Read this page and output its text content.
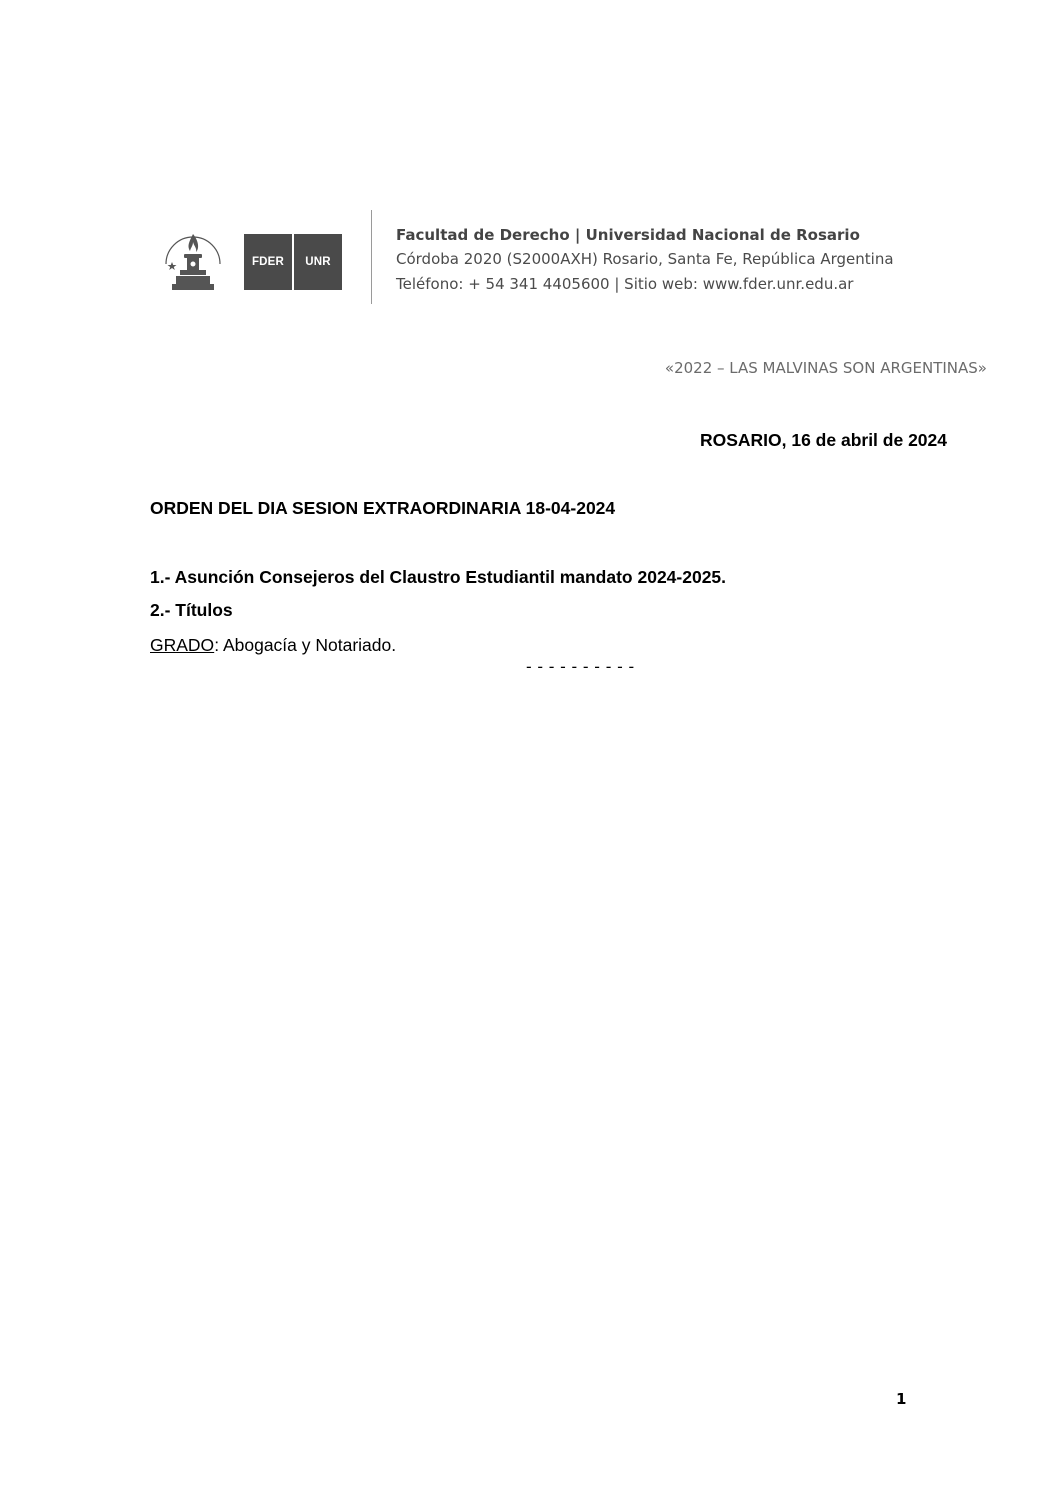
FDER UNR
Facultad de Derecho | Universidad Nacional de Rosario
Córdoba 2020 (S2000AXH) Rosario, Santa Fe, República Argentina
Teléfono: + 54 341 4405600 | Sitio web: www.fder.unr.edu.ar
«2022 – LAS MALVINAS SON ARGENTINAS»
ROSARIO, 16 de abril de 2024
ORDEN DEL DIA SESION EXTRAORDINARIA 18-04-2024
1.- Asunción Consejeros del Claustro Estudiantil mandato 2024-2025.
2.- Títulos
GRADO: Abogacía y Notariado.
- - - - - - - - - -
1
